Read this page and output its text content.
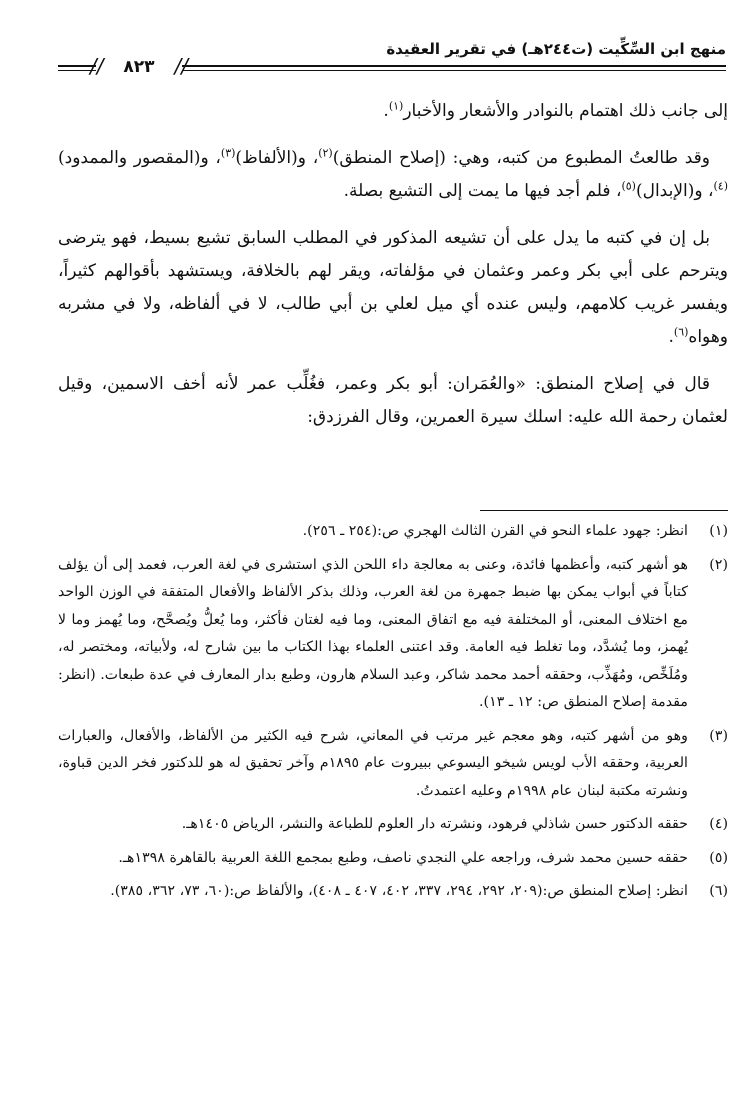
منهج ابن السِّكِّيت (ت٢٤٤هـ) في تقرير العقيدة
//	٨٢٣ //

إلى جانب ذلك اهتمام بالنوادر والأشعار والأخبار$^{(١)}$.

وقد طالعتُ المطبوع من كتبه، وهي: (إصلاح المنطق)$^{(٢)}$، و(الألفاظ)$^{(٣)}$، و(المقصور والممدود)$^{(٤)}$، و(الإبدال)$^{(٥)}$، فلم أجد فيها ما يمت إلى التشيع بصلة.

بل إن في كتبه ما يدل على أن تشيعه المذكور في المطلب السابق تشيع بسيط، فهو يترضى ويترحم على أبي بكر وعمر وعثمان في مؤلفاته، ويقر لهم بالخلافة، ويستشهد بأقوالهم كثيراً، ويفسر غريب كلامهم، وليس عنده أي ميل لعلي بن أبي طالب، لا في ألفاظه، ولا في مشربه وهواه$^{(٦)}$.

قال في إصلاح المنطق: «والعُمَران: أبو بكر وعمر، فغُلِّب عمر لأنه أخف الاسمين، وقيل لعثمان رحمة الله عليه: اسلك سيرة العمرين، وقال الفرزدق:

(١)
انظر: جهود علماء النحو في القرن الثالث الهجري ص:(٢٥٤ ـ ٢٥٦).
(٢)
هو أشهر كتبه، وأعظمها فائدة، وعنى به معالجة داء اللحن الذي استشرى في لغة العرب، فعمد إلى أن يؤلف كتاباً في أبواب يمكن بها ضبط جمهرة من لغة العرب، وذلك بذكر الألفاظ والأفعال المتفقة في الوزن الواحد مع اختلاف المعنى، أو المختلفة فيه مع اتفاق المعنى، وما فيه لغتان فأكثر، وما يُعلُّ ويُصحَّح، وما يُهمز وما لا يُهمز، وما يُشدَّد، وما تغلط فيه العامة. وقد اعتنى العلماء بهذا الكتاب ما بين شارح له، ولأبياته، ومختصر له، ومُلَخِّص، ومُهَذِّب، وحققه أحمد محمد شاكر، وعبد السلام هارون، وطبع بدار المعارف في عدة طبعات. (انظر: مقدمة إصلاح المنطق ص: ١٢ ـ ١٣).
(٣)
وهو من أشهر كتبه، وهو معجم غير مرتب في المعاني، شرح فيه الكثير من الألفاظ، والأفعال، والعبارات العربية، وحققه الأب لويس شيخو اليسوعي ببيروت عام ١٨٩٥م وآخر تحقيق له هو للدكتور فخر الدين قباوة، ونشرته مكتبة لبنان عام ١٩٩٨م وعليه اعتمدتُ.
(٤)
حققه الدكتور حسن شاذلي فرهود، ونشرته دار العلوم للطباعة والنشر، الرياض ١٤٠٥هـ.
(٥)
حققه حسين محمد شرف، وراجعه علي النجدي ناصف، وطبع بمجمع اللغة العربية بالقاهرة ١٣٩٨هـ.
(٦)
انظر: إصلاح المنطق ص:(٢٠٩، ٢٩٢، ٢٩٤، ٣٣٧، ٤٠٢، ٤٠٧ ـ ٤٠٨)، والألفاظ ص:(٦٠، ٧٣، ٣٦٢، ٣٨٥).
